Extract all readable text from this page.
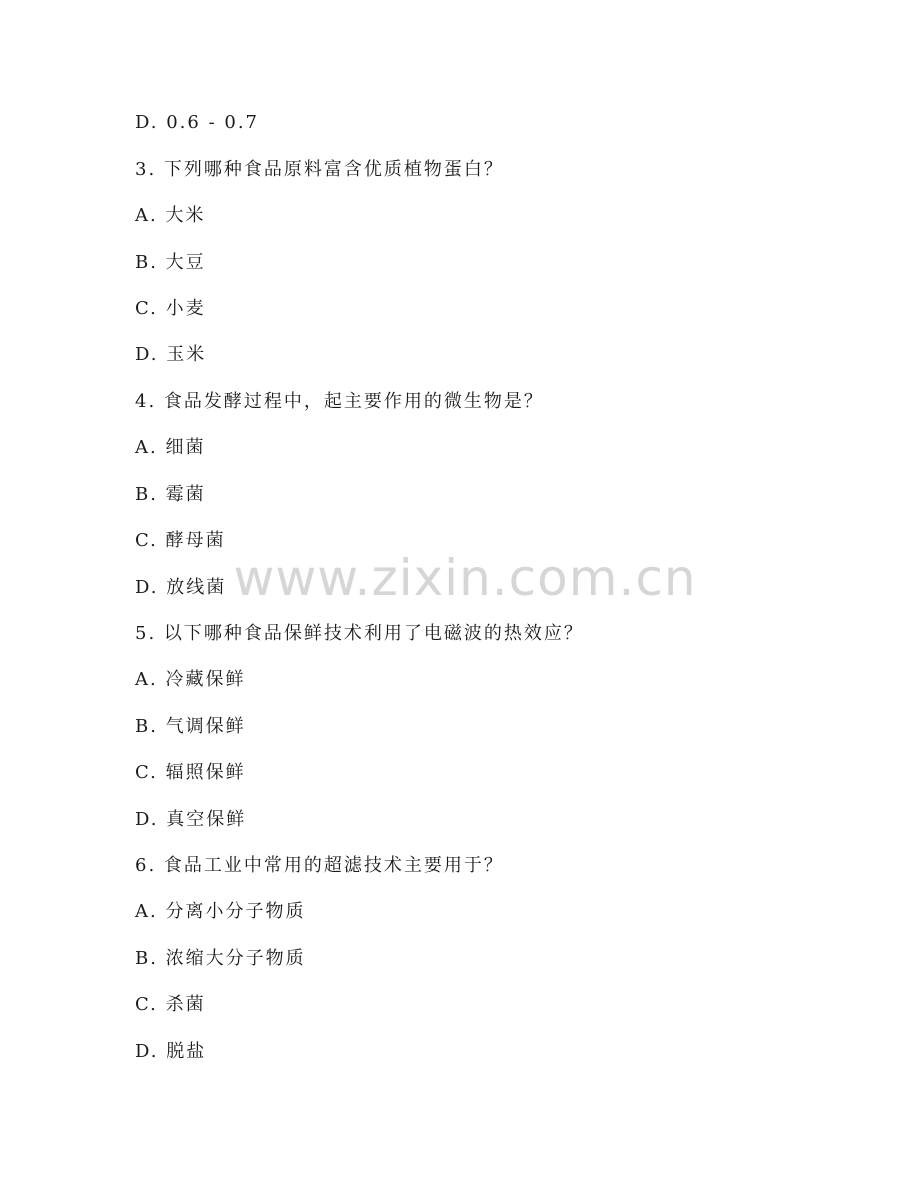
D. 0.6 - 0.7
3. 下列哪种食品原料富含优质植物蛋白？
A. 大米
B. 大豆
C. 小麦
D. 玉米
4. 食品发酵过程中，起主要作用的微生物是？
A. 细菌
B. 霉菌
C. 酵母菌
D. 放线菌
5. 以下哪种食品保鲜技术利用了电磁波的热效应？
A. 冷藏保鲜
B. 气调保鲜
C. 辐照保鲜
D. 真空保鲜
6. 食品工业中常用的超滤技术主要用于？
A. 分离小分子物质
B. 浓缩大分子物质
C. 杀菌
D. 脱盐
www.zixin.com.cn
